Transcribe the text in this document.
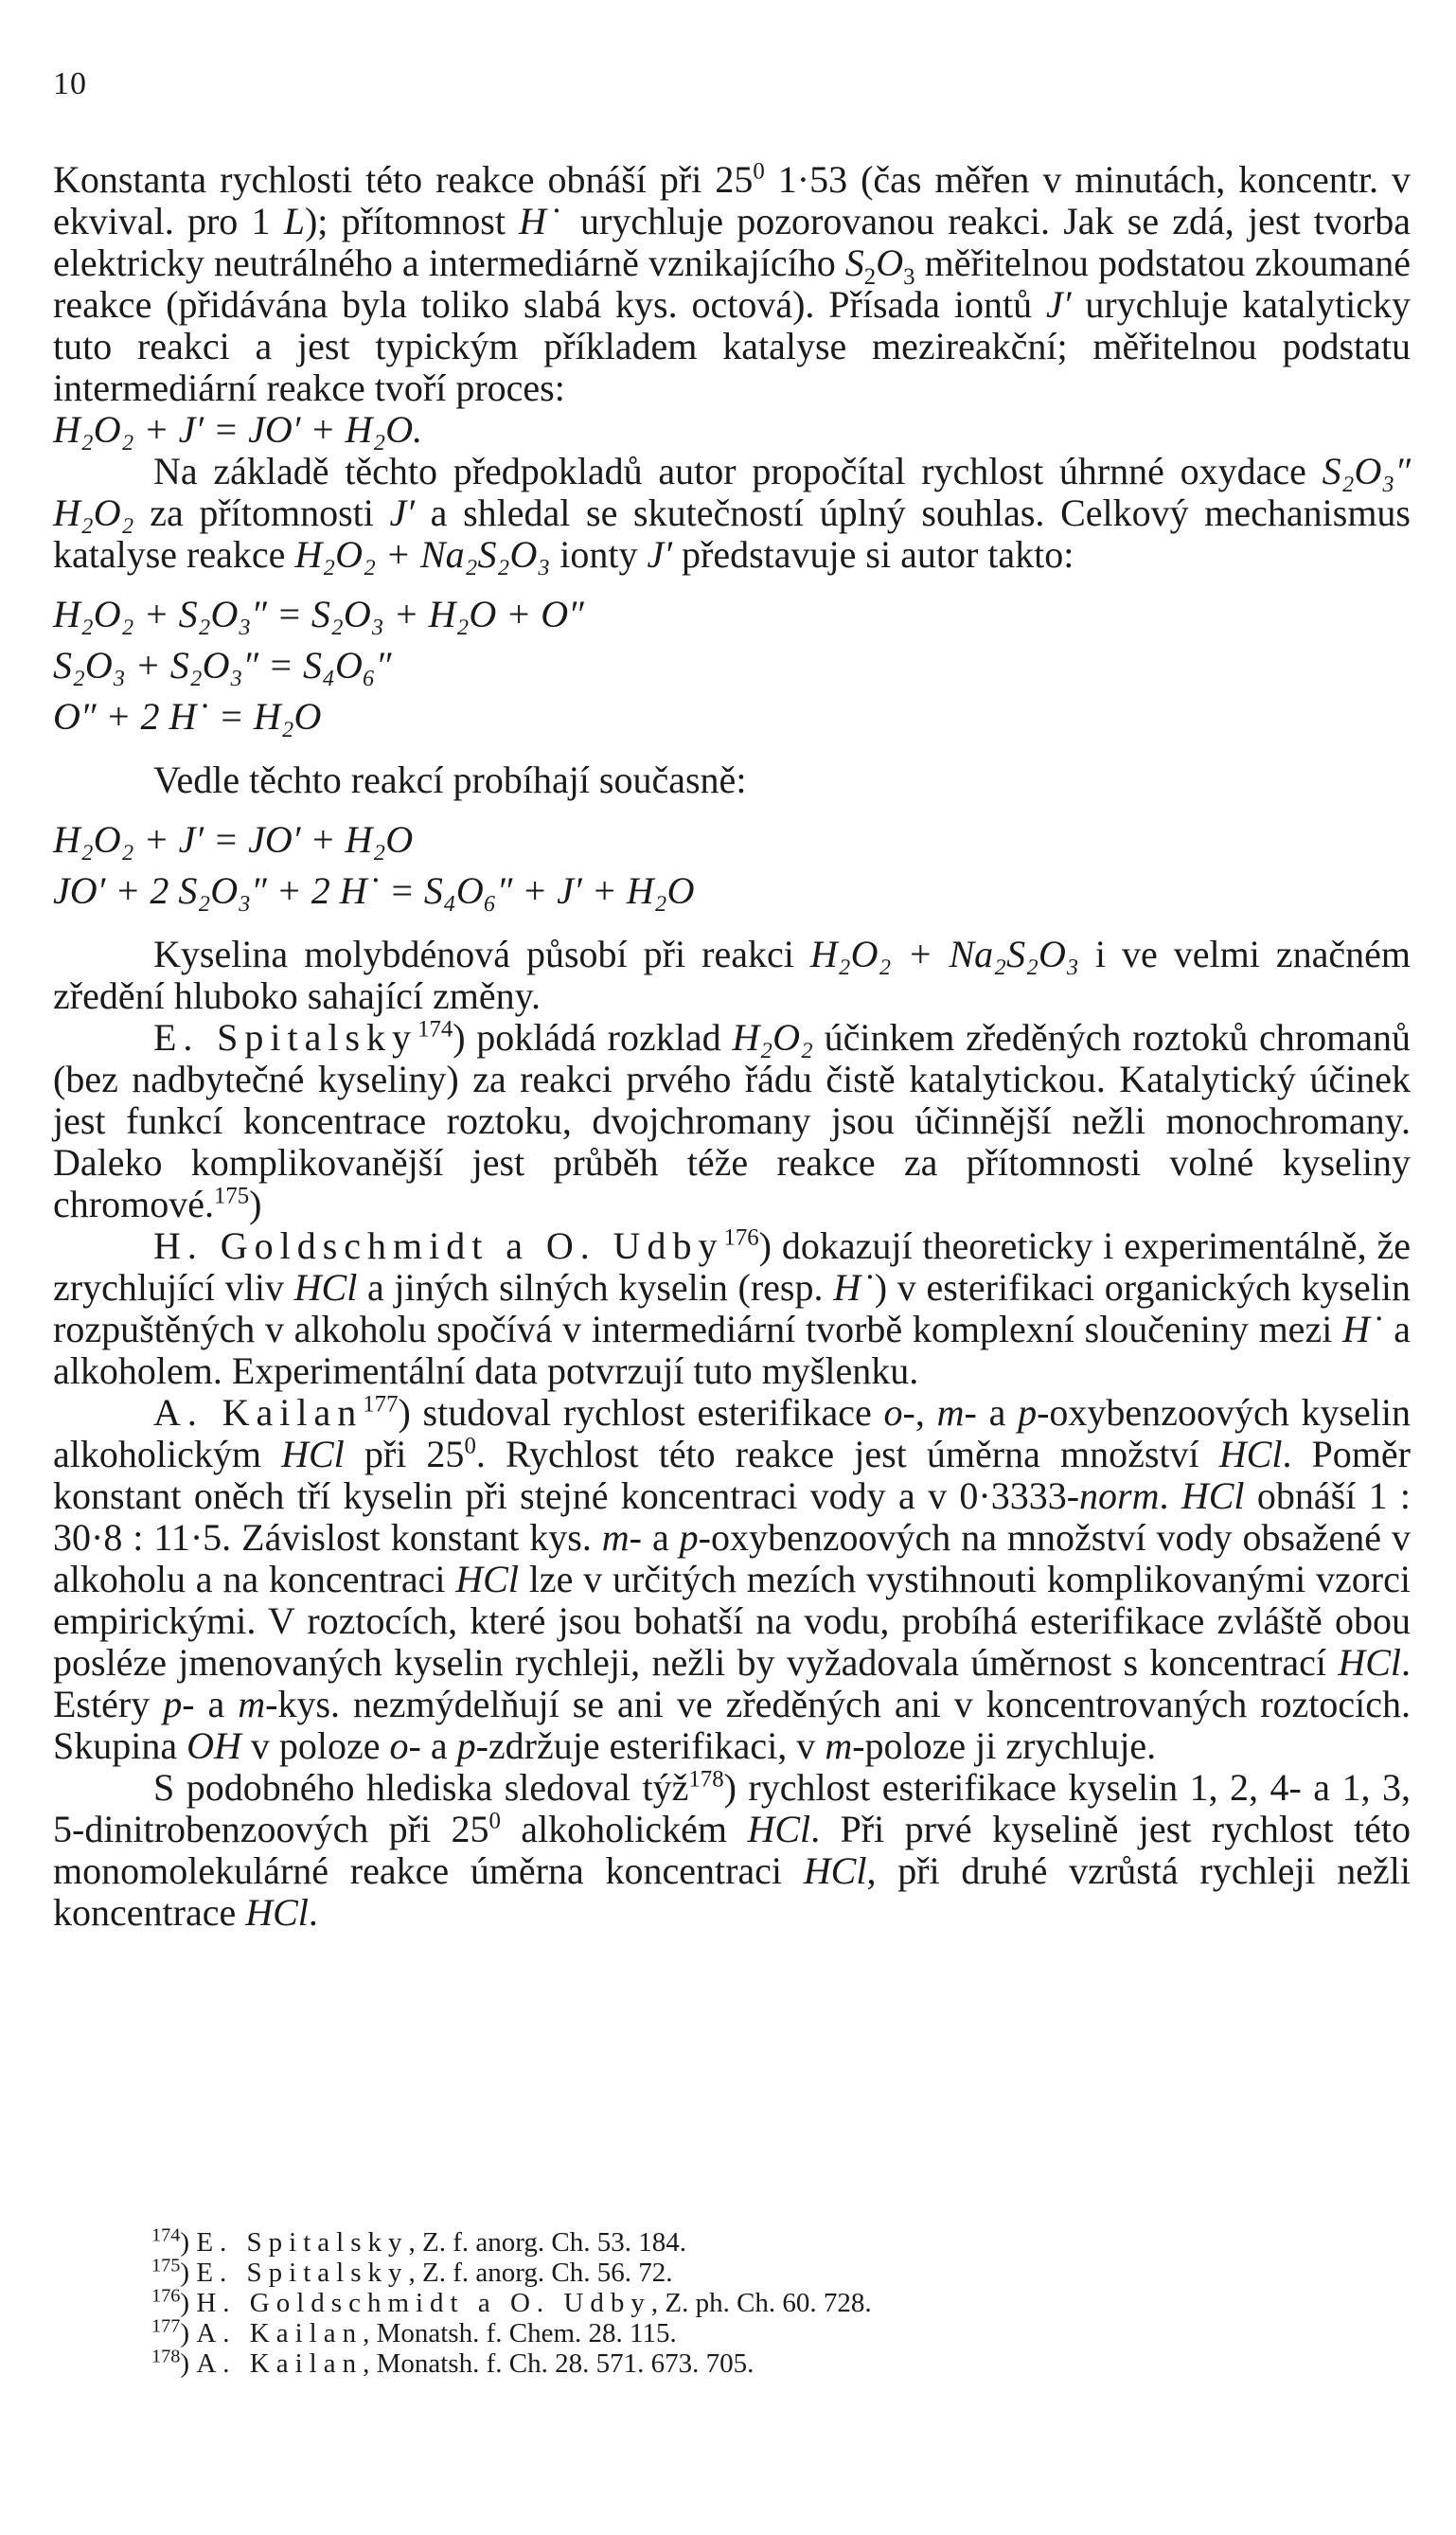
10

Konstanta rychlosti této reakce obnáší při $25^0$ 1·53 (čas měřen v minutách, koncentr. v ekvival. pro 1 L); přítomnost H˙ urychluje pozorovanou reakci. Jak se zdá, jest tvorba elektricky neutrálného a intermediárně vznikajícího $S_2O_3$ měřitelnou podstatou zkoumané reakce (přidávána byla toliko slabá kys. octová). Přísada iontů J′ urychluje katalyticky tuto reakci a jest typickým příkladem katalyse mezireakční; měřitelnou podstatu intermediární reakce tvoří proces:

H₂O₂ + J′ = JO′ + H₂O.

Na základě těchto předpokladů autor propočítal rychlost úhrnné oxydace S₂O₃″ H₂O₂ za přítomnosti J′ a shledal se skutečností úplný souhlas. Celkový mechanismus katalyse reakce H₂O₂ + Na₂S₂O₃ ionty J′ představuje si autor takto:

H₂O₂ + S₂O₃″ = S₂O₃ + H₂O + O″

S₂O₃ + S₂O₃″ = S₄O₆″

O″ + 2 H˙ = H₂O

Vedle těchto reakcí probíhají současně:

H₂O₂ + J′ = JO′ + H₂O

JO′ + 2 S₂O₃″ + 2 H˙ = S₄O₆″ + J′ + H₂O

Kyselina molybdénová působí při reakci H₂O₂ + Na₂S₂O₃ i ve velmi značném zředění hluboko sahající změny.

E. Spitalsky$^{174}$) pokládá rozklad H₂O₂ účinkem zředěných roztoků chromanů (bez nadbytečné kyseliny) za reakci prvého řádu čistě katalytickou. Katalytický účinek jest funkcí koncentrace roztoku, dvojchromany jsou účinnější nežli monochromany. Daleko komplikovanější jest průběh téže reakce za přítomnosti volné kyseliny chromové.$^{175}$)

H. Goldschmidt a O. Udby$^{176}$) dokazují theoreticky i experimentálně, že zrychlující vliv HCl a jiných silných kyselin (resp. H˙) v esterifikaci organických kyselin rozpuštěných v alkoholu spočívá v intermediární tvorbě komplexní sloučeniny mezi H˙ a alkoholem. Experimentální data potvrzují tuto myšlenku.

A. Kailan$^{177}$) studoval rychlost esterifikace o-, m- a p-oxybenzoových kyselin alkoholickým HCl při $25^0$. Rychlost této reakce jest úměrna množství HCl. Poměr konstant oněch tří kyselin při stejné koncentraci vody a v 0·3333-norm. HCl obnáší 1 : 30·8 : 11·5. Závislost konstant kys. m- a p-oxybenzoových na množství vody obsažené v alkoholu a na koncentraci HCl lze v určitých mezích vystihnouti komplikovanými vzorci empirickými. V roztocích, které jsou bohatší na vodu, probíhá esterifikace zvláště obou posléze jmenovaných kyselin rychleji, nežli by vyžadovala úměrnost s koncentrací HCl. Estéry p- a m-kys. nezmýdelňují se ani ve zředěných ani v koncentrovaných roztocích. Skupina OH v poloze o- a p-zdržuje esterifikaci, v m-poloze ji zrychluje.

S podobného hlediska sledoval týž$^{178}$) rychlost esterifikace kyselin 1, 2, 4- a 1, 3, 5-dinitrobenzoových při $25^0$ alkoholickém HCl. Při prvé kyselině jest rychlost této monomolekulárné reakce úměrna koncentraci HCl, při druhé vzrůstá rychleji nežli koncentrace HCl.

$^{174}$) E. Spitalsky, Z. f. anorg. Ch. 53. 184.

$^{175}$) E. Spitalsky, Z. f. anorg. Ch. 56. 72.

$^{176}$) H. Goldschmidt a O. Udby, Z. ph. Ch. 60. 728.

$^{177}$) A. Kailan, Monatsh. f. Chem. 28. 115.

$^{178}$) A. Kailan, Monatsh. f. Ch. 28. 571. 673. 705.
